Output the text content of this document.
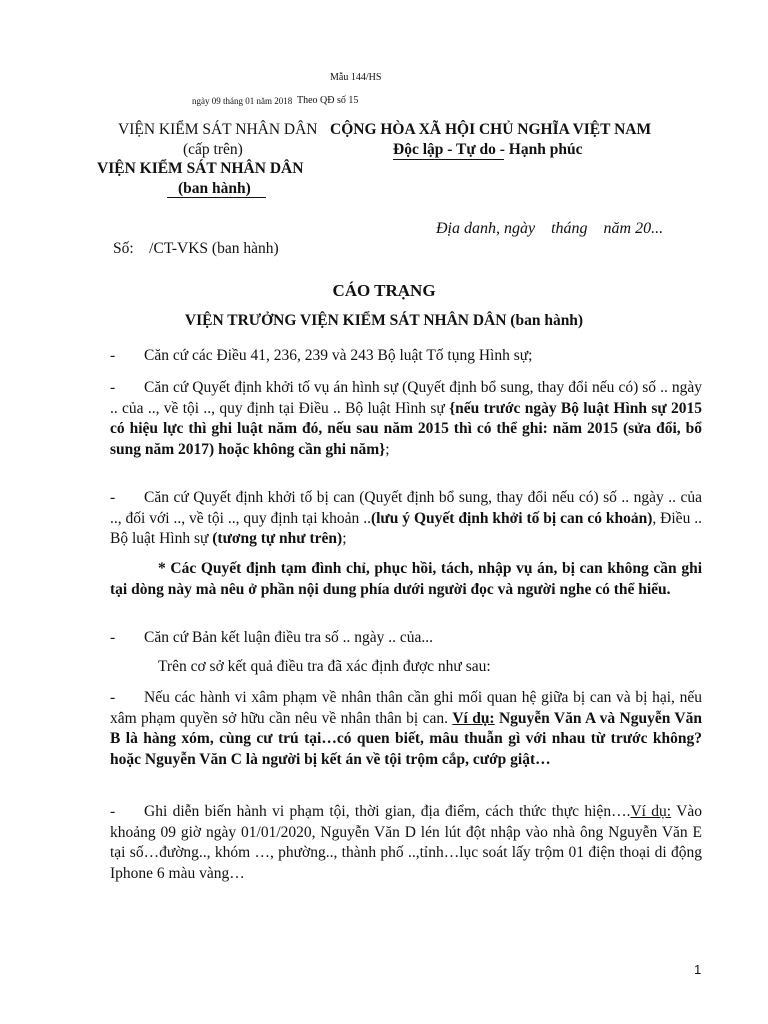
Mẫu 144/HS
ngày 09 tháng 01 năm 2018 Theo QĐ số 15
VIỆN KIỂM SÁT NHÂN DÂN
(cấp trên)
VIỆN KIỂM SÁT NHÂN DÂN
(ban hành)
CỘNG HÒA XÃ HỘI CHỦ NGHĨA VIỆT NAM
Độc lập - Tự do - Hạnh phúc
Địa danh, ngày    tháng    năm 20...
Số:    /CT-VKS (ban hành)
CÁO TRẠNG
VIỆN TRƯỞNG VIỆN KIỂM SÁT NHÂN DÂN (ban hành)
- Căn cứ các Điều 41, 236, 239 và 243 Bộ luật Tố tụng Hình sự;
- Căn cứ Quyết định khởi tố vụ án hình sự (Quyết định bổ sung, thay đổi nếu có) số .. ngày .. của .., về tội .., quy định tại Điều .. Bộ luật Hình sự {nếu trước ngày Bộ luật Hình sự 2015 có hiệu lực thì ghi luật năm đó, nếu sau năm 2015 thì có thể ghi: năm 2015 (sửa đổi, bổ sung năm 2017) hoặc không cần ghi năm};
- Căn cứ Quyết định khởi tố bị can (Quyết định bổ sung, thay đổi nếu có) số .. ngày .. của .., đối với .., về tội .., quy định tại khoản ..(lưu ý Quyết định khởi tố bị can có khoản), Điều .. Bộ luật Hình sự (tương tự như trên);
* Các Quyết định tạm đình chỉ, phục hồi, tách, nhập vụ án, bị can không cần ghi tại dòng này mà nêu ở phần nội dung phía dưới người đọc và người nghe có thể hiểu.
- Căn cứ Bản kết luận điều tra số .. ngày .. của...
Trên cơ sở kết quả điều tra đã xác định được như sau:
- Nếu các hành vi xâm phạm về nhân thân cần ghi mối quan hệ giữa bị can và bị hại, nếu xâm phạm quyền sở hữu cần nêu về nhân thân bị can. Ví dụ: Nguyễn Văn A và Nguyễn Văn B là hàng xóm, cùng cư trú tại…có quen biết, mâu thuẫn gì với nhau từ trước không? hoặc Nguyễn Văn C là người bị kết án về tội trộm cắp, cướp giật…
- Ghi diễn biến hành vi phạm tội, thời gian, địa điểm, cách thức thực hiện….Ví dụ: Vào khoảng 09 giờ ngày 01/01/2020, Nguyễn Văn D lén lút đột nhập vào nhà ông Nguyễn Văn E tại số…đường.., khóm …, phường.., thành phố ..,tỉnh…lục soát lấy trộm 01 điện thoại di động Iphone 6 màu vàng…
1
